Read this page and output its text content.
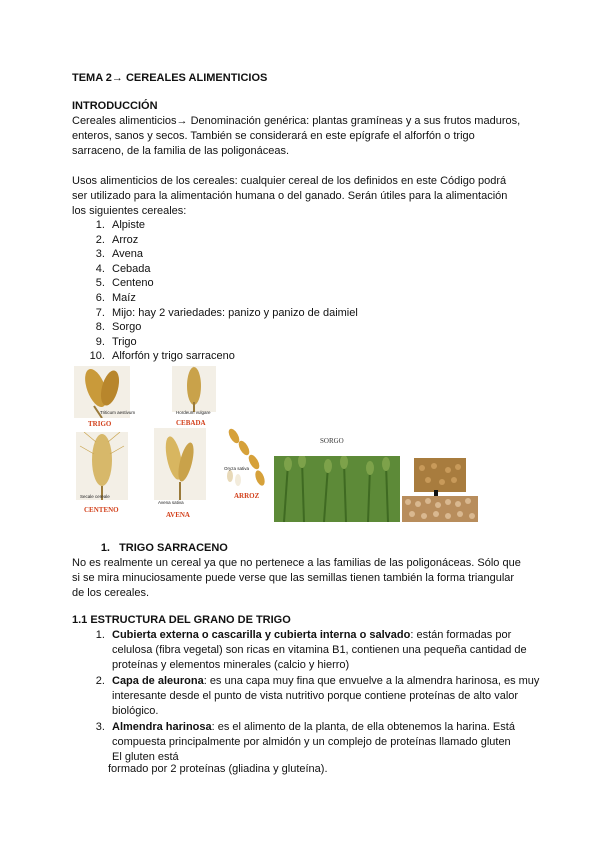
TEMA 2→ CEREALES ALIMENTICIOS
INTRODUCCIÓN
Cereales alimenticios→ Denominación genérica: plantas gramíneas y a sus frutos maduros,
enteros, sanos y secos. También se considerará en este epígrafe el alforfón o trigo
sarraceno, de la familia de las poligonáceas.
Usos alimenticios de los cereales: cualquier cereal de los definidos en este Código podrá
ser utilizado para la alimentación humana o del ganado. Serán útiles para la alimentación
los siguientes cereales:
1. Alpiste
2. Arroz
3. Avena
4. Cebada
5. Centeno
6. Maíz
7. Mijo: hay 2 variedades: panizo y panizo de daimiel
8. Sorgo
9. Trigo
10. Alforfón y trigo sarraceno
Triticum aestivum
TRIGO
Hordeum vulgare
CEBADA
Secale cereale
CENTENO
Avena sativa
AVENA
Oryza sativa
ARROZ
SORGO
1. TRIGO SARRACENO
No es realmente un cereal ya que no pertenece a las familias de las poligonáceas. Sólo que
si se mira minuciosamente puede verse que las semillas tienen también la forma triangular
de los cereales.
1.1 ESTRUCTURA DEL GRANO DE TRIGO
1. Cubierta externa o cascarilla y cubierta interna o salvado: están formadas por celulosa (fibra vegetal) son ricas en vitamina B1, contienen una pequeña cantidad de proteínas y elementos minerales (calcio y hierro)
2. Capa de aleurona: es una capa muy fina que envuelve a la almendra harinosa, es muy interesante desde el punto de vista nutritivo porque contiene proteínas de alto valor biológico.
3. Almendra harinosa: es el alimento de la planta, de ella obtenemos la harina. Está compuesta principalmente por almidón y un complejo de proteínas llamado gluten
El gluten está
formado por 2 proteínas (gliadina y gluteína).
